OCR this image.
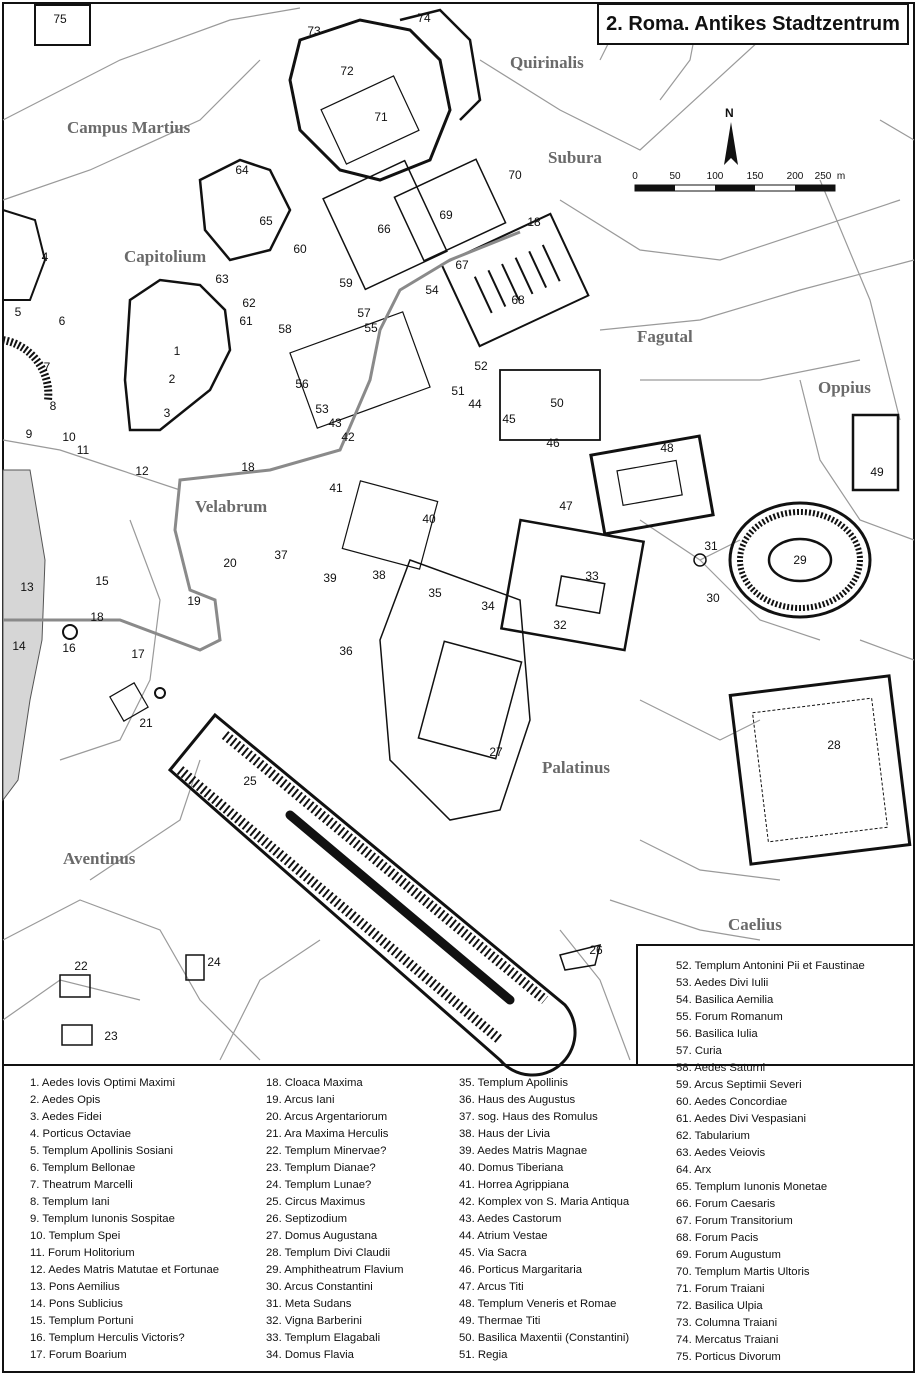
2. Roma. Antikes Stadtzentrum
N
0	50	100 150 200 250 m
Quirinalis
Campus Martius
Subura
Capitolium
Fagutal
Oppius
Velabrum
Palatinus
Aventinus
Caelius
75
73
74
72
71
70
64
65	69
66	18
60
67
63	59	54
68
62
57
61
58	55
52
1
2
3
56	51
44	50
53
43	45
42	46	48
4
5
6
7
8
9 10
11
12	18
41
49
40
47
31
29
37
20
39	38	33
13	15
19
35
34
32
30
18
16	17	36
14
21
28
25
27
24
22
23
26
52. Templum Antonini Pii et Faustinae
53. Aedes Divi Iulii
54. Basilica Aemilia
55. Forum Romanum
56. Basilica Iulia
57. Curia
58. Aedes Saturni
59. Arcus Septimii Severi
60. Aedes Concordiae
61. Aedes Divi Vespasiani
62. Tabularium
63. Aedes Veiovis
64. Arx
65. Templum Iunonis Monetae
66. Forum Caesaris
67. Forum Transitorium
68. Forum Pacis
69. Forum Augustum
70. Templum Martis Ultoris
71. Forum Traiani
72. Basilica Ulpia
73. Columna Traiani
74. Mercatus Traiani
75. Porticus Divorum
1. Aedes Iovis Optimi Maximi
2. Aedes Opis
3. Aedes Fidei
4. Porticus Octaviae
5. Templum Apollinis Sosiani
6. Templum Bellonae
7. Theatrum Marcelli
8. Templum Iani
9. Templum Iunonis Sospitae
10. Templum Spei
11. Forum Holitorium
12. Aedes Matris Matutae et Fortunae
13. Pons Aemilius
14. Pons Sublicius
15. Templum Portuni
16. Templum Herculis Victoris?
17. Forum Boarium
18. Cloaca Maxima
19. Arcus Iani
20. Arcus Argentariorum
21. Ara Maxima Herculis
22. Templum Minervae?
23. Templum Dianae?
24. Templum Lunae?
25. Circus Maximus
26. Septizodium
27. Domus Augustana
28. Templum Divi Claudii
29. Amphitheatrum Flavium
30. Arcus Constantini
31. Meta Sudans
32. Vigna Barberini
33. Templum Elagabali
34. Domus Flavia
35. Templum Apollinis
36. Haus des Augustus
37. sog. Haus des Romulus
38. Haus der Livia
39. Aedes Matris Magnae
40. Domus Tiberiana
41. Horrea Agrippiana
42. Komplex von S. Maria Antiqua
43. Aedes Castorum
44. Atrium Vestae
45. Via Sacra
46. Porticus Margaritaria
47. Arcus Titi
48. Templum Veneris et Romae
49. Thermae Titi
50. Basilica Maxentii (Constantini)
51. Regia
